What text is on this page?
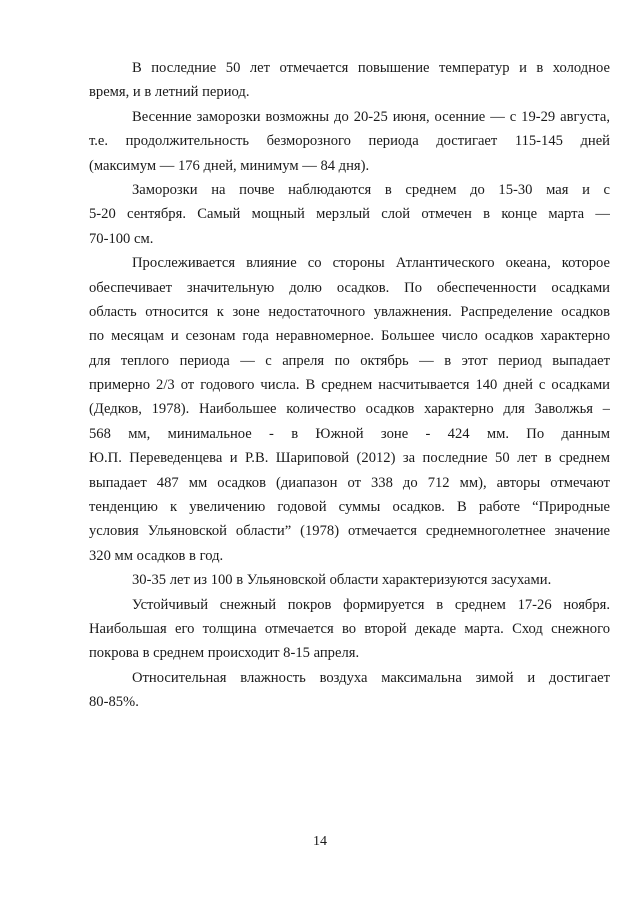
В последние 50 лет отмечается повышение температур и в холодное
время, и в летний период.
Весенние заморозки возможны до 20-25 июня, осенние — с 19-29 августа,
т.е. продолжительность безморозного периода достигает 115-145 дней
(максимум — 176 дней, минимум — 84 дня).
Заморозки на почве наблюдаются в среднем до 15-30 мая и с
5-20 сентября. Самый мощный мерзлый слой отмечен в конце марта —
70-100 см.
Прослеживается влияние со стороны Атлантического океана, которое
обеспечивает значительную долю осадков. По обеспеченности осадками
область относится к зоне недостаточного увлажнения. Распределение осадков
по месяцам и сезонам года неравномерное. Большее число осадков характерно
для теплого периода — с апреля по октябрь — в этот период выпадает
примерно 2/3 от годового числа. В среднем насчитывается 140 дней с осадками
(Дедков, 1978). Наибольшее количество осадков характерно для Заволжья –
568 мм, минимальное - в Южной зоне - 424 мм. По данным
Ю.П. Переведенцева и Р.В. Шариповой (2012) за последние 50 лет в среднем
выпадает 487 мм осадков (диапазон от 338 до 712 мм), авторы отмечают
тенденцию к увеличению годовой суммы осадков. В работе “Природные
условия Ульяновской области” (1978) отмечается среднемноголетнее значение
320 мм осадков в год.
30-35 лет из 100 в Ульяновской области характеризуются засухами.
Устойчивый снежный покров формируется в среднем 17-26 ноября.
Наибольшая его толщина отмечается во второй декаде марта. Сход снежного
покрова в среднем происходит 8-15 апреля.
Относительная влажность воздуха максимальна зимой и достигает
80-85%.
14
